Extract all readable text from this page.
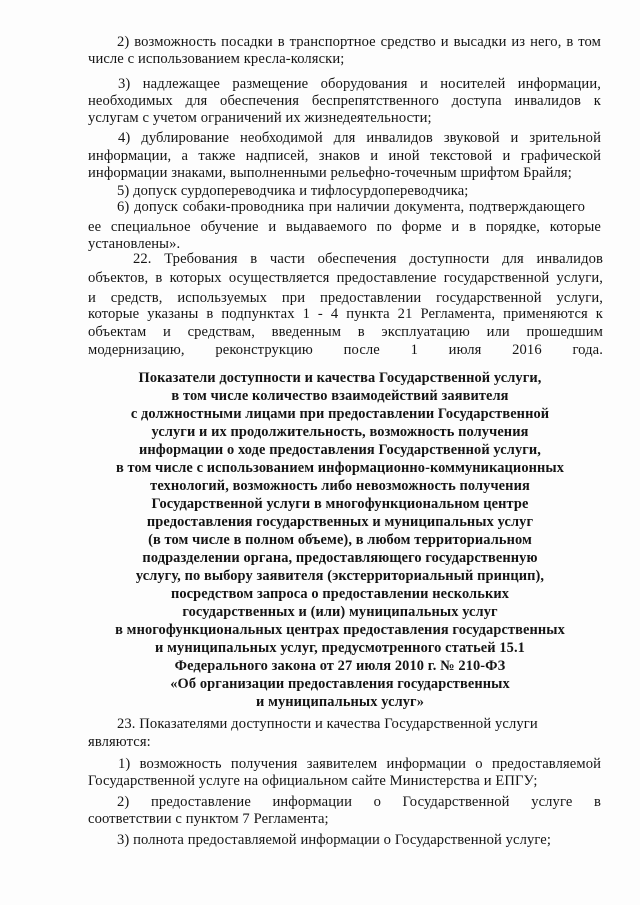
2) возможность посадки в транспортное средство и высадки из него, в том
числе с использованием кресла-коляски;
3) надлежащее размещение оборудования и носителей информации,
необходимых для обеспечения беспрепятственного доступа инвалидов к
услугам с учетом ограничений их жизнедеятельности;
4) дублирование необходимой для инвалидов звуковой и зрительной
информации, а также надписей, знаков и иной текстовой и графической
информации знаками, выполненными рельефно-точечным шрифтом Брайля;
5) допуск сурдопереводчика и тифлосурдопереводчика;
6) допуск собаки-проводника при наличии документа, подтверждающего
ее специальное обучение и выдаваемого по форме и в порядке, которые
установлены».
22. Требования в части обеспечения доступности для инвалидов
объектов, в которых осуществляется предоставление государственной услуги,
и средств, используемых при предоставлении государственной услуги,
которые указаны в подпунктах 1 - 4 пункта 21 Регламента, применяются к
объектам и средствам, введенным в эксплуатацию или прошедшим
модернизацию, реконструкцию после 1 июля 2016 года.
Показатели доступности и качества Государственной услуги,
в том числе количество взаимодействий заявителя
с должностными лицами при предоставлении Государственной
услуги и их продолжительность, возможность получения
информации о ходе предоставления Государственной услуги,
в том числе с использованием информационно-коммуникационных
технологий, возможность либо невозможность получения
Государственной услуги в многофункциональном центре
предоставления государственных и муниципальных услуг
(в том числе в полном объеме), в любом территориальном
подразделении органа, предоставляющего государственную
услугу, по выбору заявителя (экстерриториальный принцип),
посредством запроса о предоставлении нескольких
государственных и (или) муниципальных услуг
в многофункциональных центрах предоставления государственных
и муниципальных услуг, предусмотренного статьей 15.1
Федерального закона от 27 июля 2010 г. № 210-ФЗ
«Об организации предоставления государственных
и муниципальных услуг»
23. Показателями доступности и качества Государственной услуги
являются:
1) возможность получения заявителем информации о предоставляемой
Государственной услуге на официальном сайте Министерства и ЕПГУ;
2) предоставление информации о Государственной услуге в
соответствии с пунктом 7 Регламента;
3) полнота предоставляемой информации о Государственной услуге;
